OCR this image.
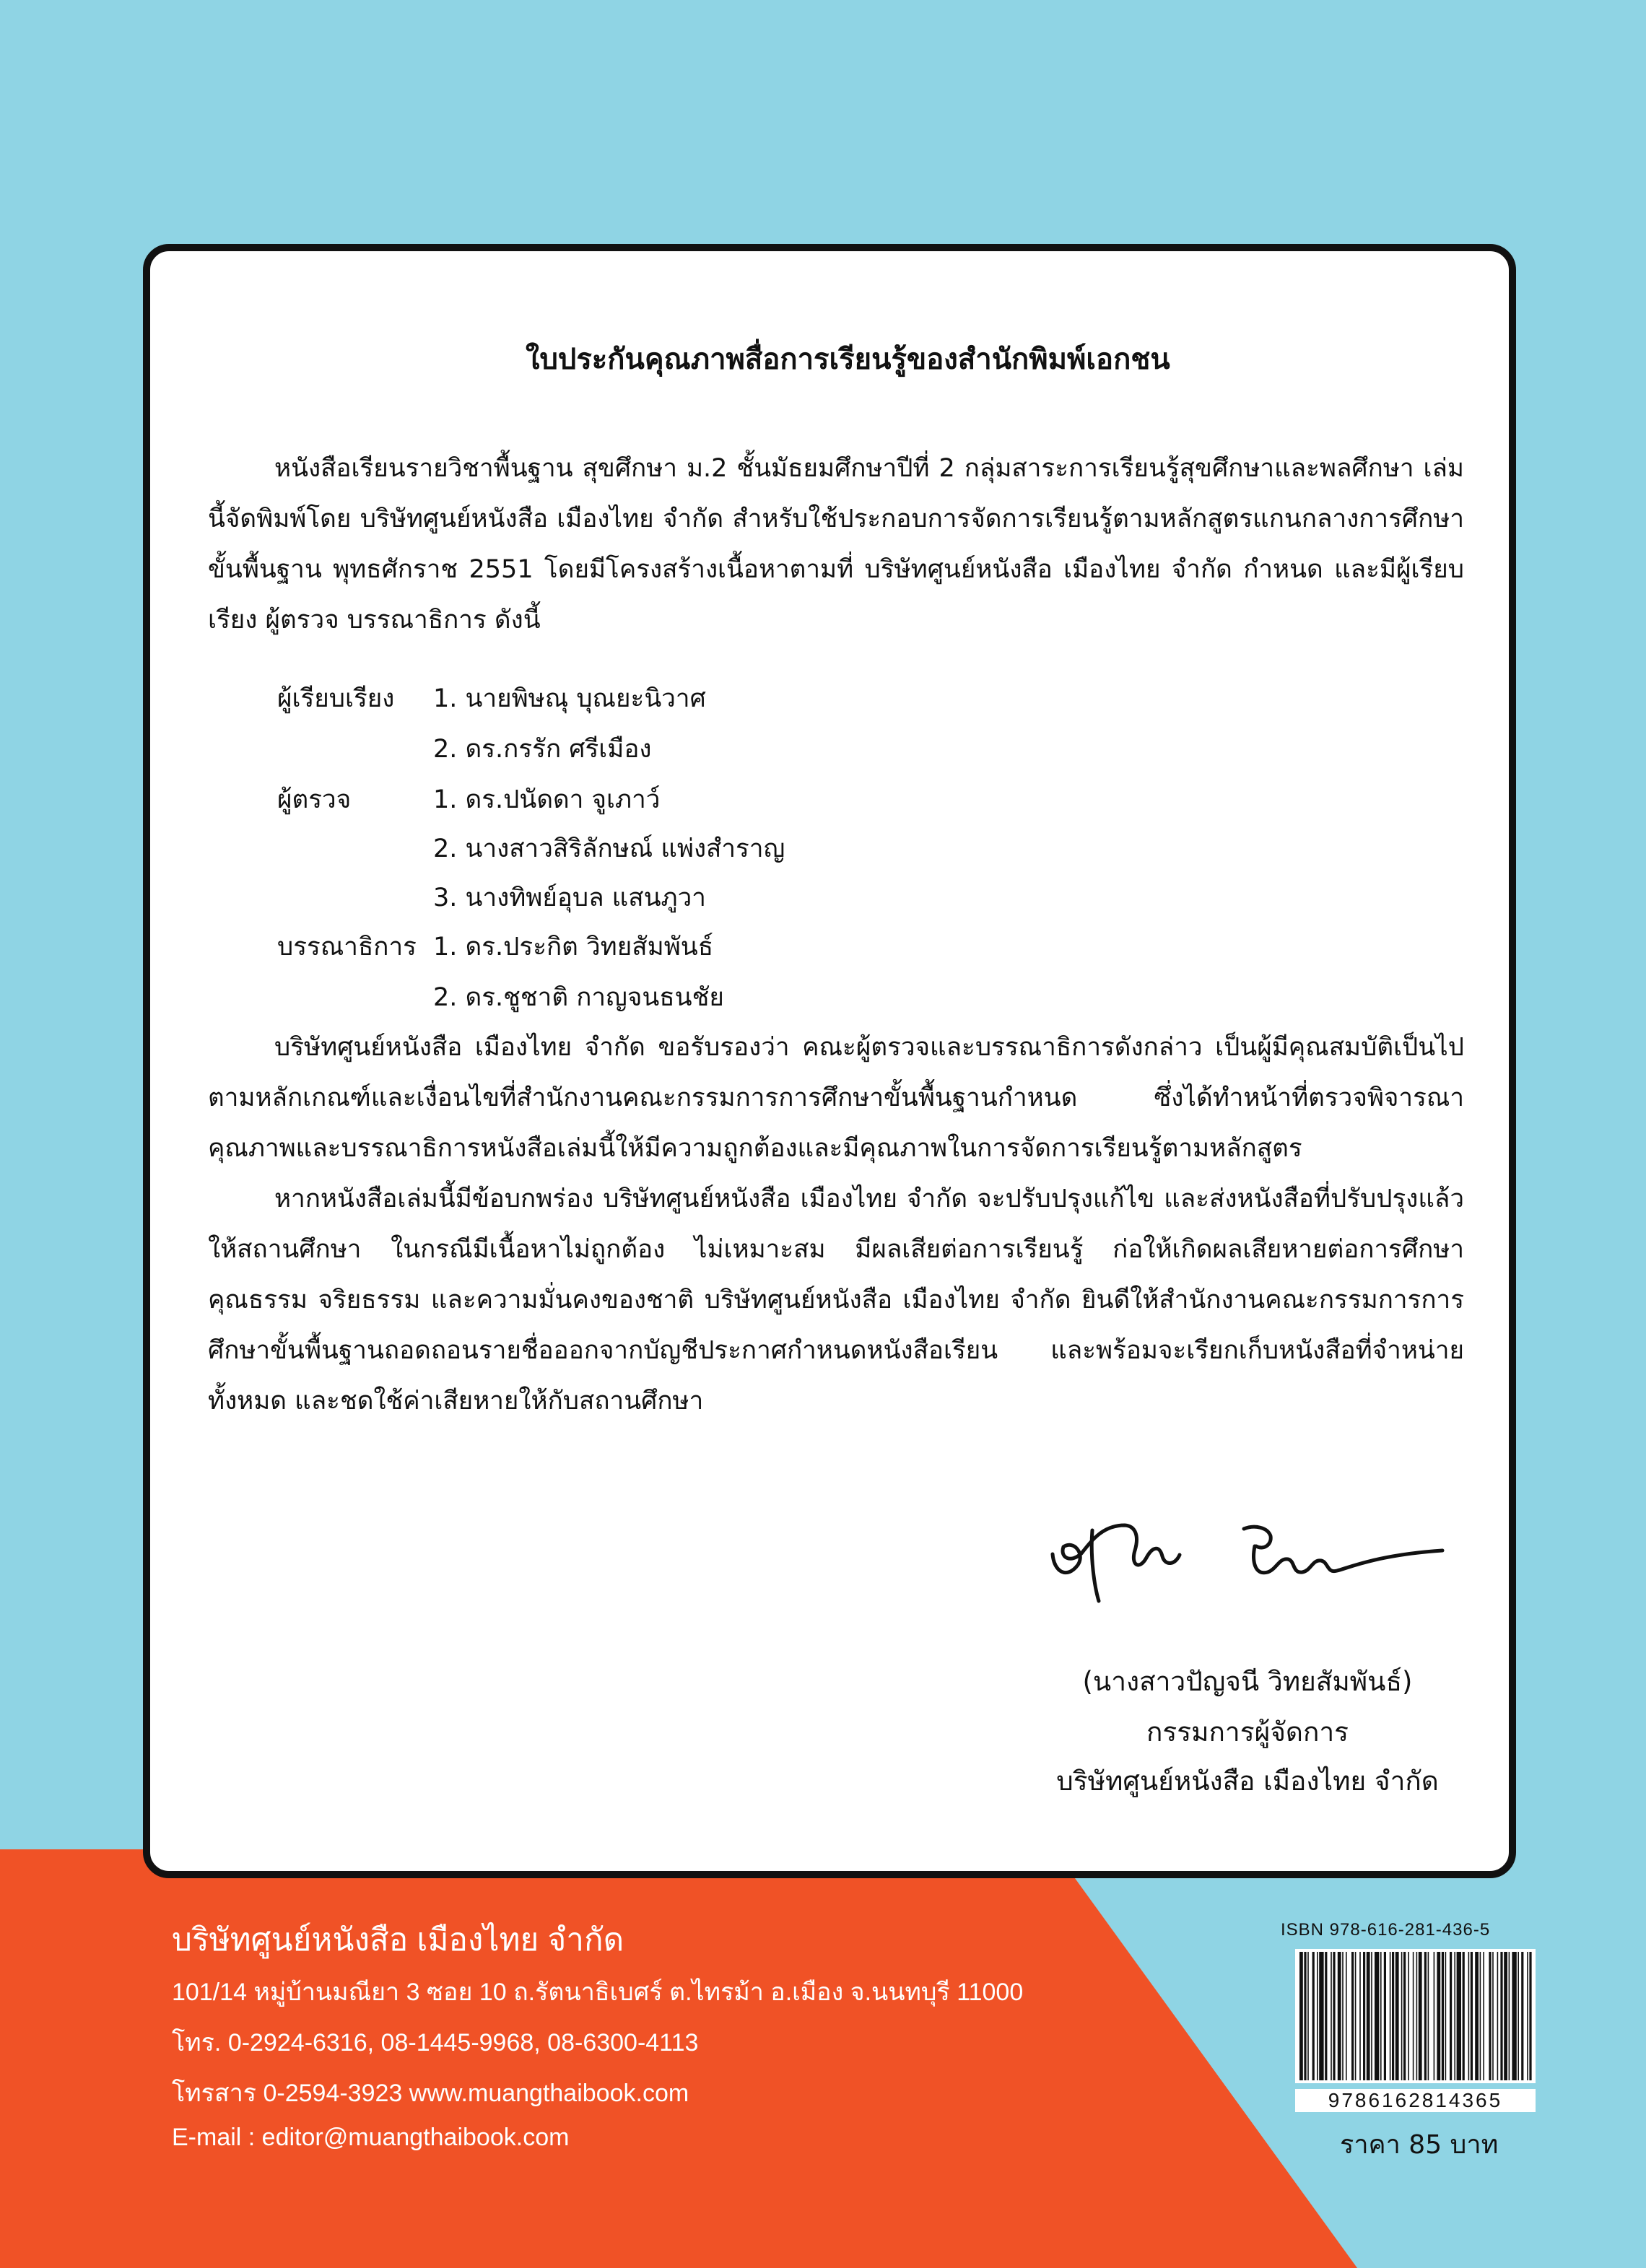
ใบประกันคุณภาพสื่อการเรียนรู้ของสำนักพิมพ์เอกชน

หนังสือเรียนรายวิชาพื้นฐาน สุขศึกษา ม.2 ชั้นมัธยมศึกษาปีที่ 2 กลุ่มสาระการเรียนรู้สุขศึกษาและพลศึกษา เล่มนี้จัดพิมพ์โดย บริษัทศูนย์หนังสือ เมืองไทย จำกัด สำหรับใช้ประกอบการจัดการเรียนรู้ตามหลักสูตรแกนกลางการศึกษาขั้นพื้นฐาน พุทธศักราช 2551 โดยมีโครงสร้างเนื้อหาตามที่ บริษัทศูนย์หนังสือ เมืองไทย จำกัด กำหนด และมีผู้เรียบเรียง ผู้ตรวจ บรรณาธิการ ดังนี้

ผู้เรียบเรียง 1. นายพิษณุ บุณยะนิวาศ
2. ดร.กรรัก ศรีเมือง
ผู้ตรวจ	1. ดร.ปนัดดา จูเภาว์
2. นางสาวสิริลักษณ์ แพ่งสำราญ
3. นางทิพย์อุบล แสนภูวา
บรรณาธิการ 1. ดร.ประกิต วิทยสัมพันธ์
2. ดร.ชูชาติ กาญจนธนชัย

บริษัทศูนย์หนังสือ เมืองไทย จำกัด ขอรับรองว่า คณะผู้ตรวจและบรรณาธิการดังกล่าว เป็นผู้มีคุณสมบัติเป็นไปตามหลักเกณฑ์และเงื่อนไขที่สำนักงานคณะกรรมการการศึกษาขั้นพื้นฐานกำหนด ซึ่งได้ทำหน้าที่ตรวจพิจารณาคุณภาพและบรรณาธิการหนังสือเล่มนี้ให้มีความถูกต้องและมีคุณภาพในการจัดการเรียนรู้ตามหลักสูตร

หากหนังสือเล่มนี้มีข้อบกพร่อง บริษัทศูนย์หนังสือ เมืองไทย จำกัด จะปรับปรุงแก้ไข และส่งหนังสือที่ปรับปรุงแล้วให้สถานศึกษา ในกรณีมีเนื้อหาไม่ถูกต้อง ไม่เหมาะสม มีผลเสียต่อการเรียนรู้ ก่อให้เกิดผลเสียหายต่อการศึกษา คุณธรรม จริยธรรม และความมั่นคงของชาติ บริษัทศูนย์หนังสือ เมืองไทย จำกัด ยินดีให้สำนักงานคณะกรรมการการศึกษาขั้นพื้นฐานถอดถอนรายชื่อออกจากบัญชีประกาศกำหนดหนังสือเรียน และพร้อมจะเรียกเก็บหนังสือที่จำหน่ายทั้งหมด และชดใช้ค่าเสียหายให้กับสถานศึกษา

(นางสาวปัญจนี วิทยสัมพันธ์)
กรรมการผู้จัดการ
บริษัทศูนย์หนังสือ เมืองไทย จำกัด
บริษัทศูนย์หนังสือ เมืองไทย จำกัด
101/14 หมู่บ้านมณียา 3 ซอย 10 ถ.รัตนาธิเบศร์ ต.ไทรม้า อ.เมือง จ.นนทบุรี 11000
โทร. 0-2924-6316, 08-1445-9968, 08-6300-4113
โทรสาร 0-2594-3923 www.muangthaibook.com
E-mail : editor@muangthaibook.com
ISBN 978-616-281-436-5
9786162814365
ราคา 85 บาท
